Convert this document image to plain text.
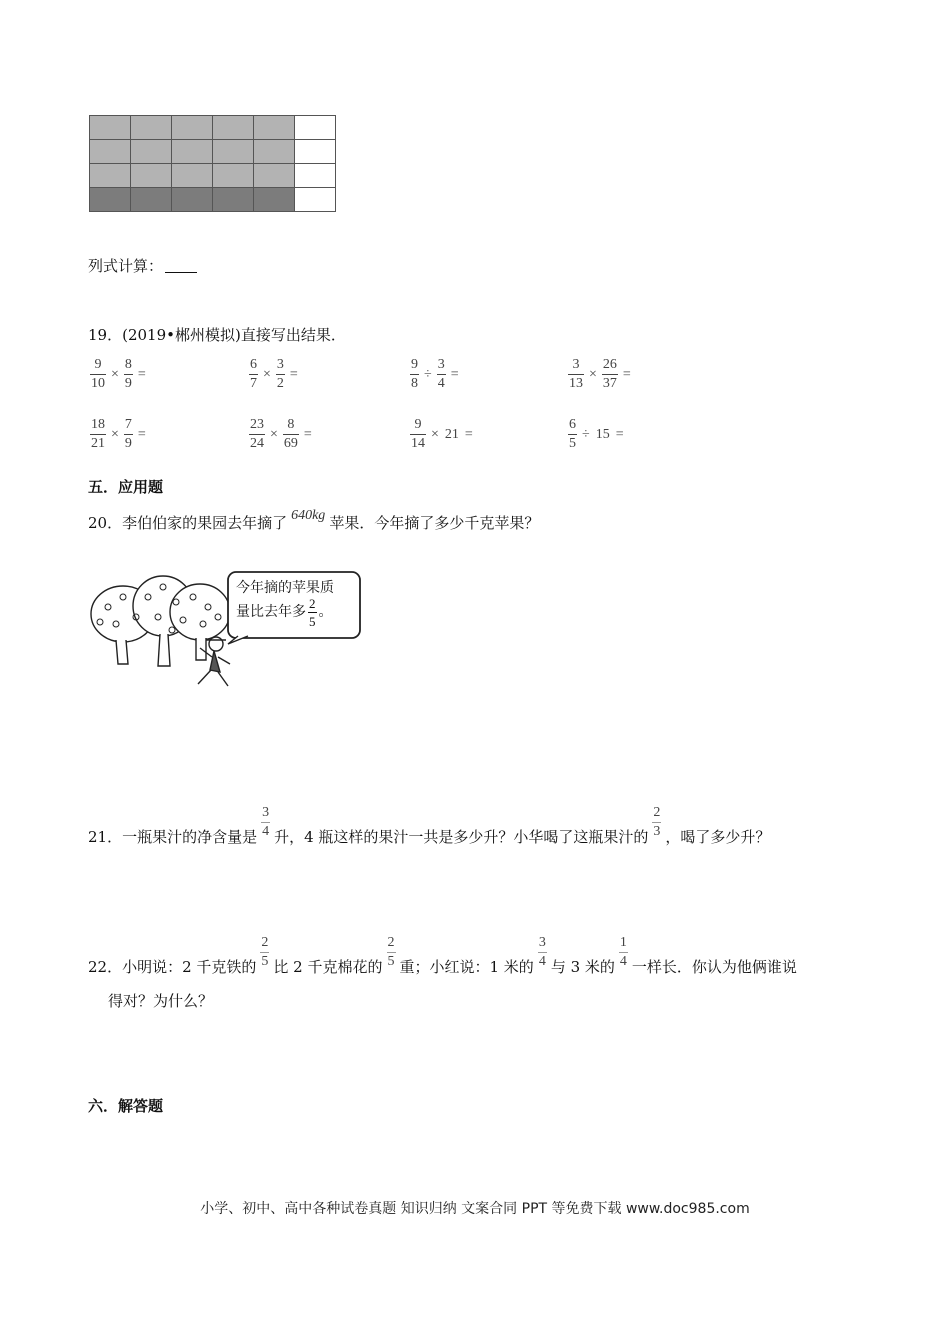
列式计算：
19．(2019•郴州模拟)直接写出结果．
$\frac{9}{10} \times \frac{8}{9}$ =	$\frac{6}{7} \times \frac{3}{2}$ =	$\frac{9}{8} \div \frac{3}{4}$ =	$\frac{3}{13} \times \frac{26}{37}$ =
$\frac{18}{21} \times \frac{7}{9}$ =	$\frac{23}{24} \times \frac{8}{69}$ =	$\frac{9}{14} \times 21$ =	$\frac{6}{5} \div 15$ =
五．应用题
20．李伯伯家的果园去年摘了 640kg 苹果．今年摘了多少千克苹果？
今年摘的苹果质
量比去年多 $\frac{2}{5}$ 。
21．一瓶果汁的净含量是 $\frac{3}{4}$ 升，4 瓶这样的果汁一共是多少升？小华喝了这瓶果汁的 $\frac{2}{3}$ ，喝了多少升？
22．小明说：2 千克铁的 $\frac{2}{5}$ 比 2 千克棉花的 $\frac{2}{5}$ 重；小红说：1 米的 $\frac{3}{4}$ 与 3 米的 $\frac{1}{4}$ 一样长．你认为他俩谁说
得对？为什么？
六．解答题
小学、初中、高中各种试卷真题 知识归纳 文案合同 PPT 等免费下载 www.doc985.com
